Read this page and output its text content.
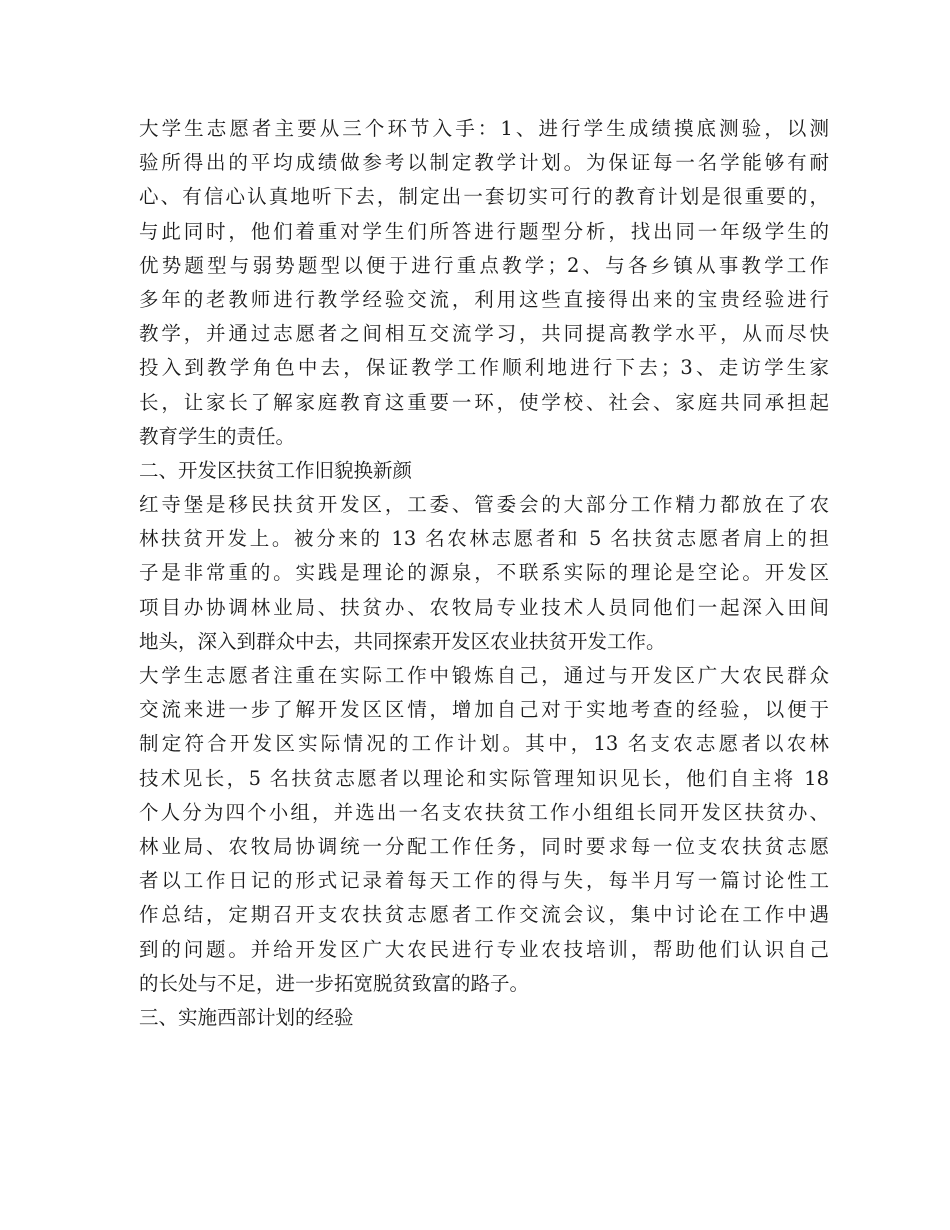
大学生志愿者主要从三个环节入手：1、进行学生成绩摸底测验，以测
验所得出的平均成绩做参考以制定教学计划。为保证每一名学能够有耐
心、有信心认真地听下去，制定出一套切实可行的教育计划是很重要的，
与此同时，他们着重对学生们所答进行题型分析，找出同一年级学生的
优势题型与弱势题型以便于进行重点教学；2、与各乡镇从事教学工作
多年的老教师进行教学经验交流，利用这些直接得出来的宝贵经验进行
教学，并通过志愿者之间相互交流学习，共同提高教学水平，从而尽快
投入到教学角色中去，保证教学工作顺利地进行下去；3、走访学生家
长，让家长了解家庭教育这重要一环，使学校、社会、家庭共同承担起
教育学生的责任。
二、开发区扶贫工作旧貌换新颜
红寺堡是移民扶贫开发区，工委、管委会的大部分工作精力都放在了农
林扶贫开发上。被分来的 13 名农林志愿者和 5 名扶贫志愿者肩上的担
子是非常重的。实践是理论的源泉，不联系实际的理论是空论。开发区
项目办协调林业局、扶贫办、农牧局专业技术人员同他们一起深入田间
地头，深入到群众中去，共同探索开发区农业扶贫开发工作。
大学生志愿者注重在实际工作中锻炼自己，通过与开发区广大农民群众
交流来进一步了解开发区区情，增加自己对于实地考查的经验，以便于
制定符合开发区实际情况的工作计划。其中，13 名支农志愿者以农林
技术见长，5 名扶贫志愿者以理论和实际管理知识见长，他们自主将 18
个人分为四个小组，并选出一名支农扶贫工作小组组长同开发区扶贫办、
林业局、农牧局协调统一分配工作任务，同时要求每一位支农扶贫志愿
者以工作日记的形式记录着每天工作的得与失，每半月写一篇讨论性工
作总结，定期召开支农扶贫志愿者工作交流会议，集中讨论在工作中遇
到的问题。并给开发区广大农民进行专业农技培训，帮助他们认识自己
的长处与不足，进一步拓宽脱贫致富的路子。
三、实施西部计划的经验
